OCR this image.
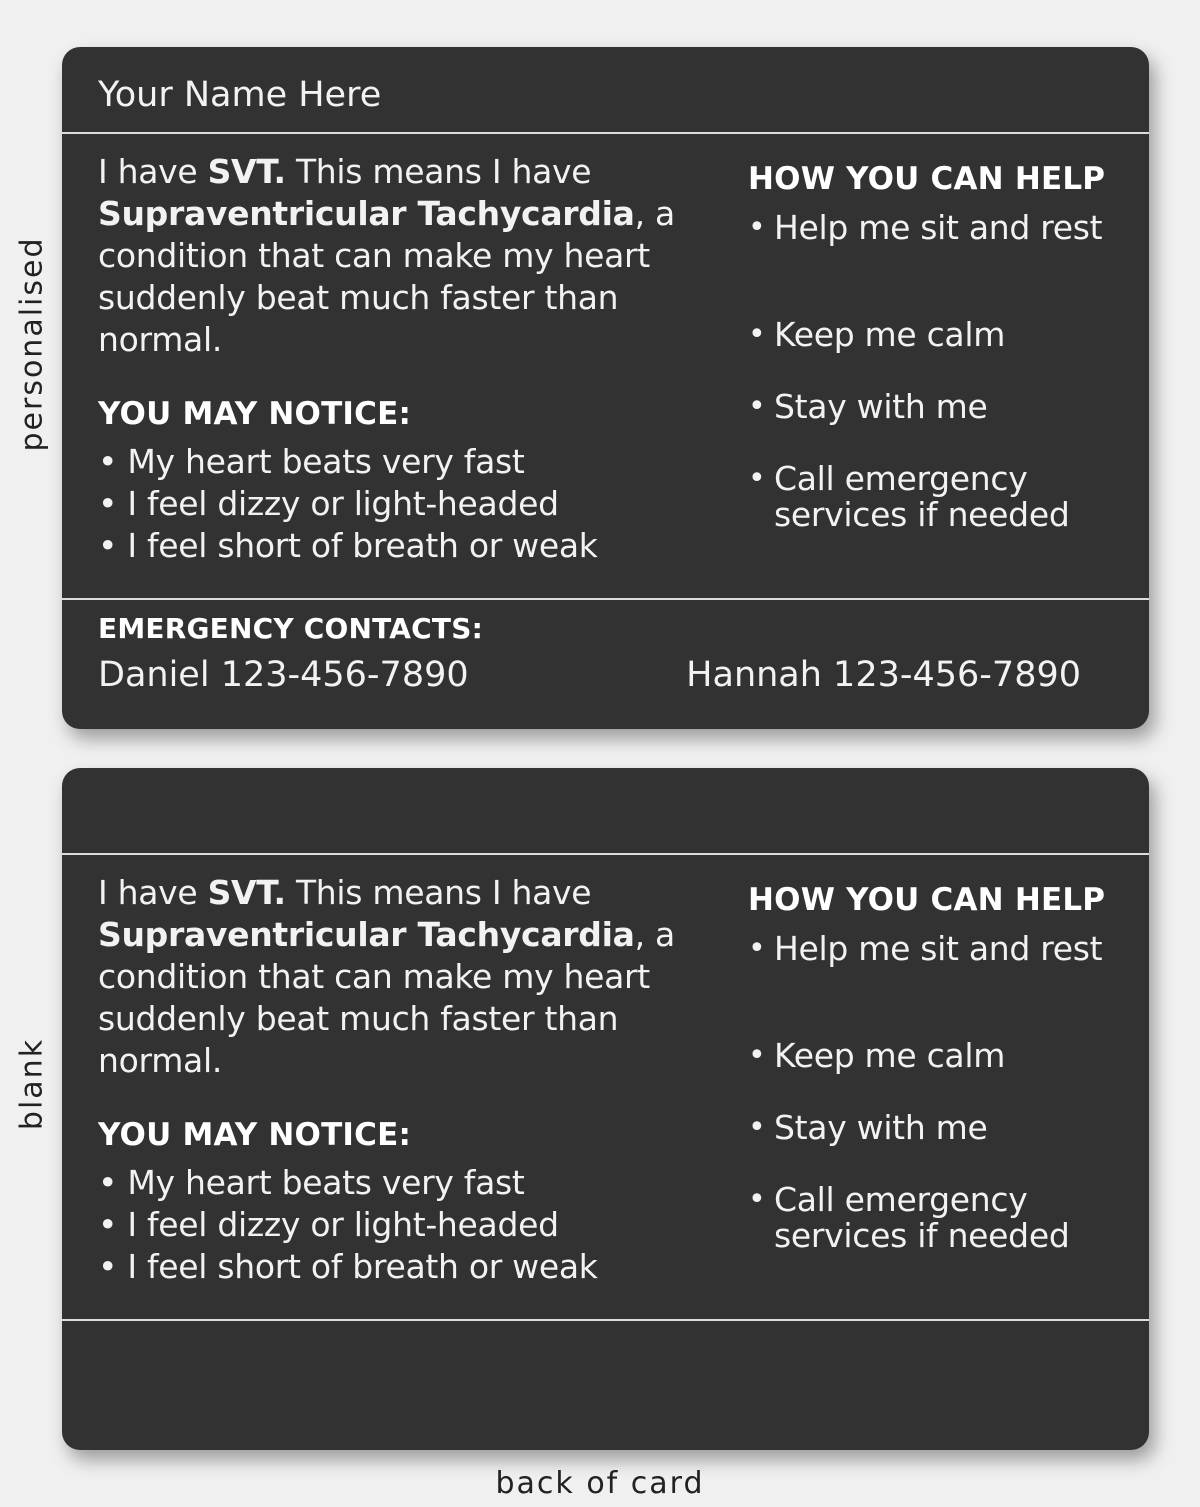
personalised
blank
Your Name Here
I have SVT. This means I have Supraventricular Tachycardia, a condition that can make my heart suddenly beat much faster than normal.
YOU MAY NOTICE:
• My heart beats very fast
• I feel dizzy or light-headed
• I feel short of breath or weak
HOW YOU CAN HELP
• Help me sit and rest
• Keep me calm
• Stay with me
• Call emergency services if needed
EMERGENCY CONTACTS:
Daniel 123-456-7890	Hannah 123-456-7890
I have SVT. This means I have Supraventricular Tachycardia, a condition that can make my heart suddenly beat much faster than normal.
YOU MAY NOTICE:
• My heart beats very fast
• I feel dizzy or light-headed
• I feel short of breath or weak
HOW YOU CAN HELP
• Help me sit and rest
• Keep me calm
• Stay with me
• Call emergency services if needed
back of card
